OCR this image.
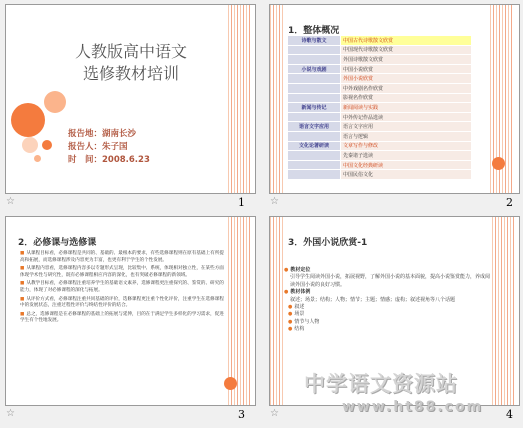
人教版高中语文
选修教材培训
报告地：湖南长沙
报告人：朱子国
时　间：2008.6.23
☆	1
1．整体概况
诗歌与散文	中国古代诗歌散文欣赏
	中国现代诗歌散文欣赏
	外国诗歌散文欣赏
小说与戏剧	中国小说欣赏
	外国小说欣赏
	中外戏剧名作欣赏
	影视名作欣赏
新闻与传记	新闻阅读与实践
	中外传记作品选读
语言文字应用	语言文字应用
	语言与逻辑
文化论著研读	文章写作与修改
	先秦诸子选读
	中国文化经典研读
	中国民俗文化
☆	2
2．必修课与选修课
■ 从课程目标看，必修课程是共同的、基础的、最根本的要求，有些选修课程则在原有基础上有所提高和拓展，而选修课程涉及内容更为丰富，也更有利于学生的个性发展。
■ 从课程内容看，选修课程内容多以专题形式呈现，比较集中、系统，体现相对独立性，在某些方面体现学术性与研究性，既有必修课程相应内容的深化，也有突破必修课程的新领域。
■ 从教学目标看，必修课程注重培养学生的基础语文素养，选修课程更注重探究的、鉴赏的、研究的能力，体现了对必修课程的深化与拓展。
■ 从评价方式看，必修课程注重共同基础的评价，选修课程更注重个性化评价，注重学生在选修课程中的发展状态，注重过程性评价与终结性评价的结合。
■ 总之，选修课程是在必修课程的基础上的拓展与延伸，目的在于满足学生多样化的学习需求，促进学生有个性地发展。
☆	3
3．外国小说欣赏-1
● 教材定位
引导学生阅读外国小说，拓展视野，了解外国小说的基本面貌，提高小说鉴赏能力，养成阅读外国小说的良好习惯。
● 教材体例
叙述；场景；结构；人物；情节；主题；情感；虚构；叙述视角等八个话题
● 叙述
● 场景
● 情节与人物
● 结构
☆	4
中学语文资源站
www.ht88.com
